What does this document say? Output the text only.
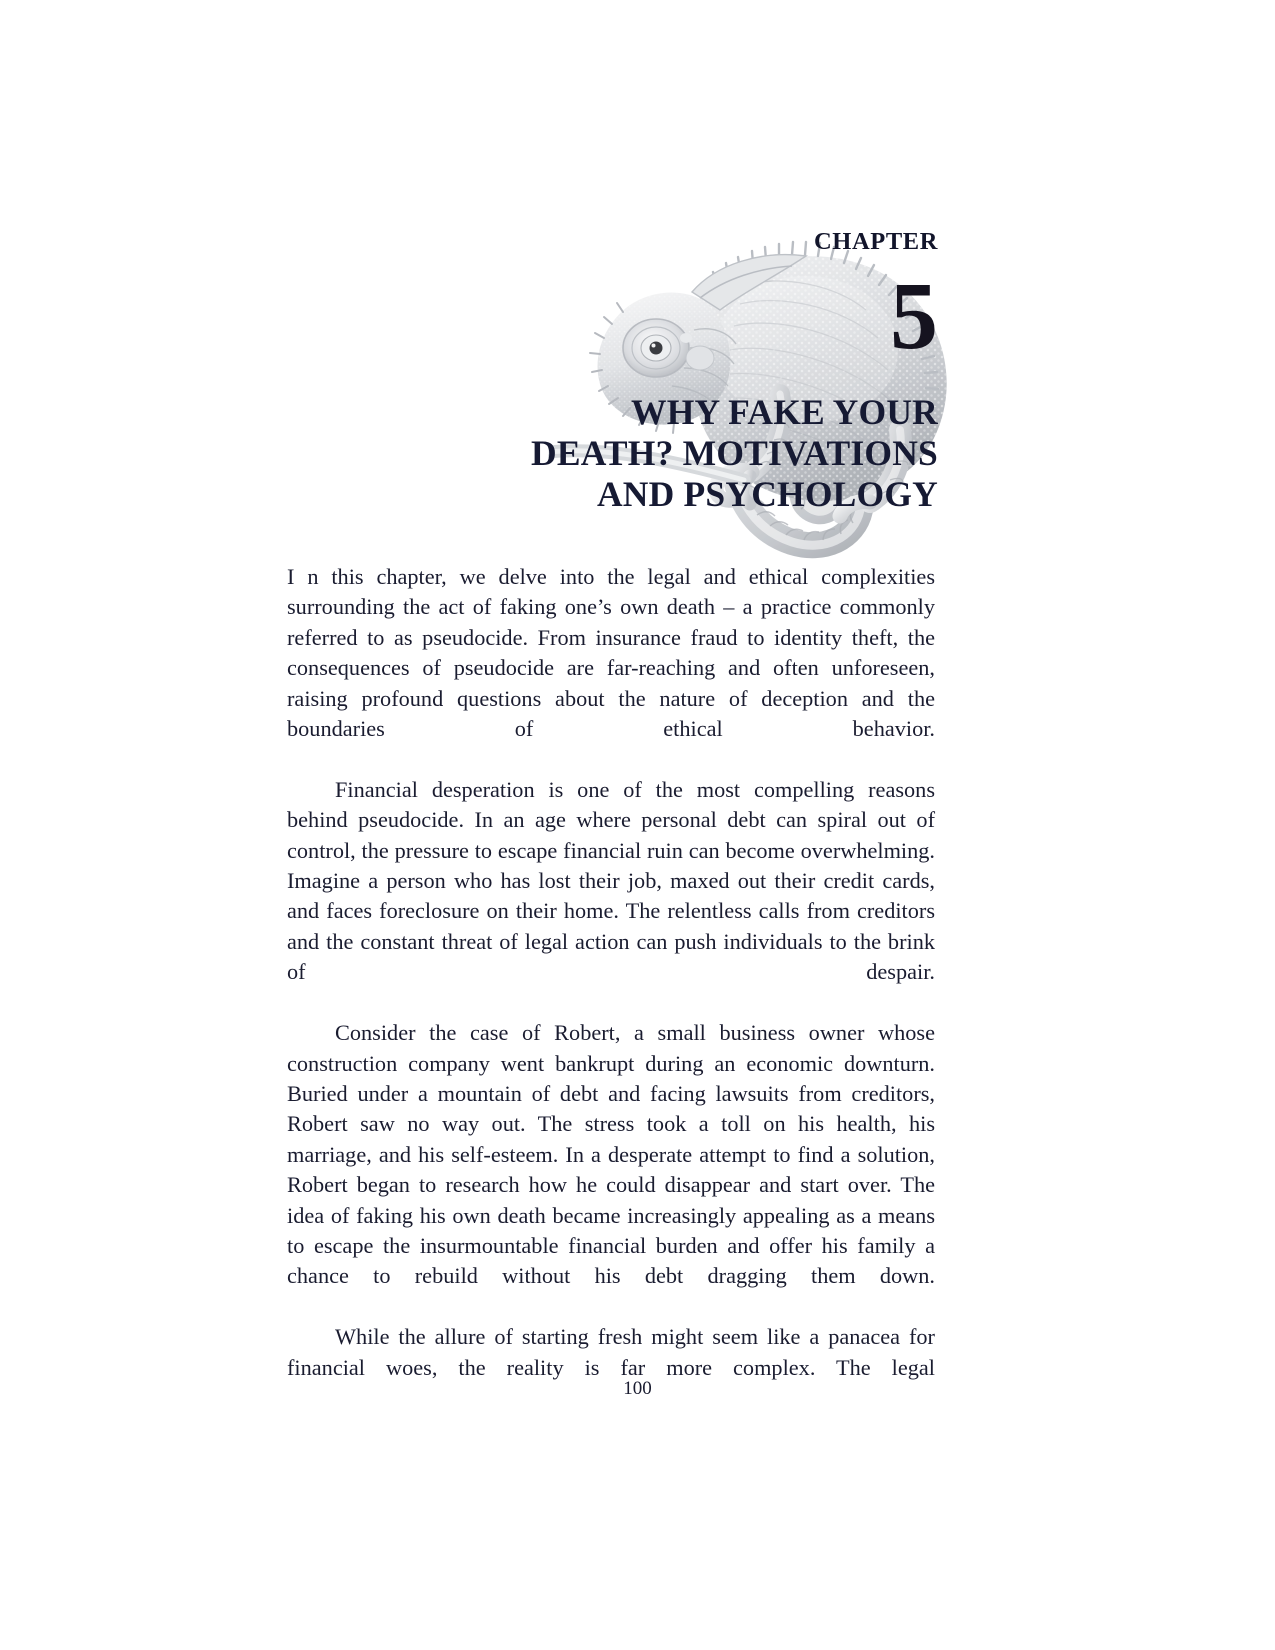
CHAPTER
5
WHY FAKE YOUR
DEATH? MOTIVATIONS
AND PSYCHOLOGY

I n this chapter, we delve into the legal and ethical complexities surrounding the act of faking one’s own death – a practice commonly referred to as pseudocide. From insurance fraud to identity theft, the consequences of pseudocide are far-reaching and often unforeseen, raising profound questions about the nature of deception and the boundaries of ethical behavior.

Financial desperation is one of the most compelling reasons behind pseudocide. In an age where personal debt can spiral out of control, the pressure to escape financial ruin can become overwhelming. Imagine a person who has lost their job, maxed out their credit cards, and faces foreclosure on their home. The relentless calls from creditors and the constant threat of legal action can push individuals to the brink of despair.

Consider the case of Robert, a small business owner whose construction company went bankrupt during an economic downturn. Buried under a mountain of debt and facing lawsuits from creditors, Robert saw no way out. The stress took a toll on his health, his marriage, and his self-esteem. In a desperate attempt to find a solution, Robert began to research how he could disappear and start over. The idea of faking his own death became increasingly appealing as a means to escape the insurmountable financial burden and offer his family a chance to rebuild without his debt dragging them down.

While the allure of starting fresh might seem like a panacea for financial woes, the reality is far more complex. The legal

100
